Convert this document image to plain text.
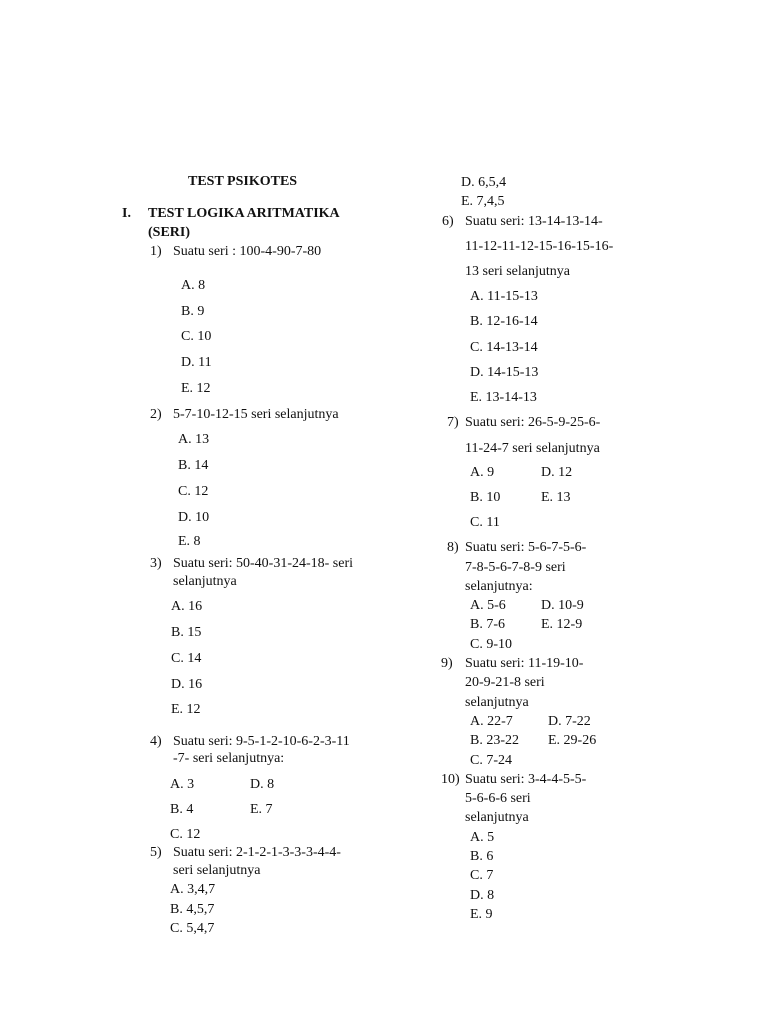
TEST PSIKOTES
I. TEST LOGIKA ARITMATIKA
(SERI)
1) Suatu seri : 100-4-90-7-80
A. 8
B. 9
C. 10
D. 11
E. 12
2) 5-7-10-12-15 seri selanjutnya
A. 13
B. 14
C. 12
D. 10
E. 8
3) Suatu seri: 50-40-31-24-18- seri
selanjutnya
A. 16
B. 15
C. 14
D. 16
E. 12
4) Suatu seri: 9-5-1-2-10-6-2-3-11
-7- seri selanjutnya:
A. 3	D. 8
B. 4	E. 7
C. 12
5) Suatu seri: 2-1-2-1-3-3-3-4-4-
seri selanjutnya
A. 3,4,7
B. 4,5,7
C. 5,4,7
D. 6,5,4
E. 7,4,5
6) Suatu seri: 13-14-13-14-
11-12-11-12-15-16-15-16-
13 seri selanjutnya
A. 11-15-13
B. 12-16-14
C. 14-13-14
D. 14-15-13
E. 13-14-13
7) Suatu seri: 26-5-9-25-6-
11-24-7 seri selanjutnya
A. 9	D. 12
B. 10	E. 13
C. 11
8) Suatu seri: 5-6-7-5-6-
7-8-5-6-7-8-9 seri
selanjutnya:
A. 5-6	D. 10-9
B. 7-6	E. 12-9
C. 9-10
9) Suatu seri: 11-19-10-
20-9-21-8 seri
selanjutnya
A. 22-7	D. 7-22
B. 23-22 E. 29-26
C. 7-24
10) Suatu seri: 3-4-4-5-5-
5-6-6-6 seri
selanjutnya
A. 5
B. 6
C. 7
D. 8
E. 9
